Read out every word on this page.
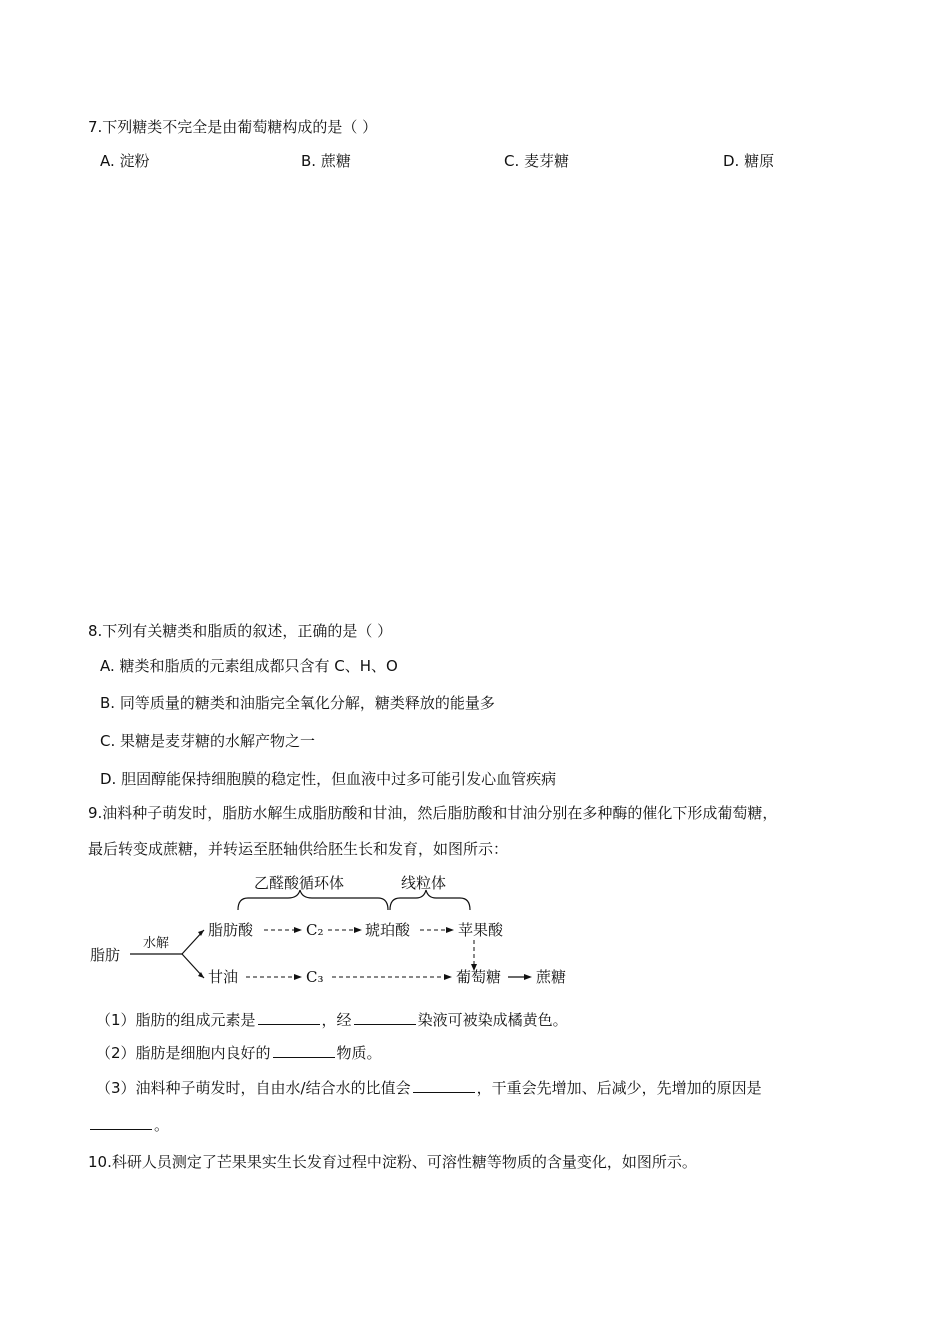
7.下列糖类不完全是由葡萄糖构成的是（ ）
A. 淀粉	B. 蔗糖	C. 麦芽糖	D. 糖原
8.下列有关糖类和脂质的叙述，正确的是（ ）
A. 糖类和脂质的元素组成都只含有 C、H、O
B. 同等质量的糖类和油脂完全氧化分解，糖类释放的能量多
C. 果糖是麦芽糖的水解产物之一
D. 胆固醇能保持细胞膜的稳定性，但血液中过多可能引发心血管疾病
9.油料种子萌发时，脂肪水解生成脂肪酸和甘油，然后脂肪酸和甘油分别在多种酶的催化下形成葡萄糖，
最后转变成蔗糖，并转运至胚轴供给胚生长和发育，如图所示：
乙醛酸循环体	线粒体
脂肪
水解
脂肪酸	C₂	琥珀酸	苹果酸
甘油	C₃	葡萄糖 蔗糖
（1）脂肪的组成元素是	，经	染液可被染成橘黄色。
（2）脂肪是细胞内良好的	物质。
（3）油料种子萌发时，自由水/结合水的比值会	，干重会先增加、后减少，先增加的原因是
。
10.科研人员测定了芒果果实生长发育过程中淀粉、可溶性糖等物质的含量变化，如图所示。
